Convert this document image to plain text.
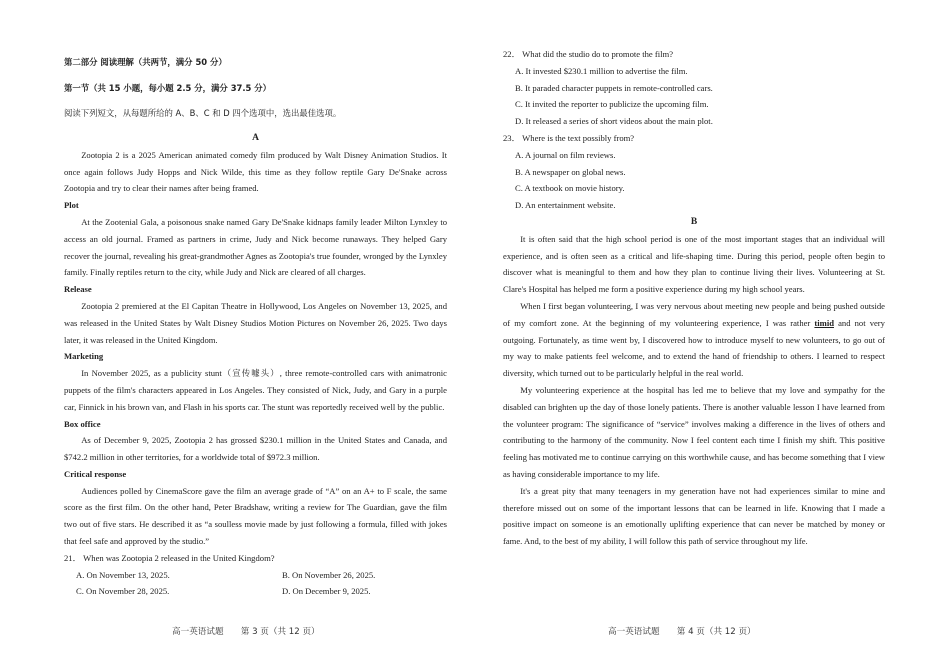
第二部分 阅读理解（共两节，满分 50 分）

第一节（共 15 小题，每小题 2.5 分，满分 37.5 分）

阅读下列短文，从每题所给的 A、B、C 和 D 四个选项中，选出最佳选项。

A

Zootopia 2 is a 2025 American animated comedy film produced by Walt Disney Animation Studios. It once again follows Judy Hopps and Nick Wilde, this time as they follow reptile Gary De'Snake across Zootopia and try to clear their names after being framed.

Plot

At the Zootenial Gala, a poisonous snake named Gary De'Snake kidnaps family leader Milton Lynxley to access an old journal. Framed as partners in crime, Judy and Nick become runaways. They helped Gary recover the journal, revealing his great-grandmother Agnes as Zootopia's true founder, wronged by the Lynxley family. Finally reptiles return to the city, while Judy and Nick are cleared of all charges.

Release

Zootopia 2 premiered at the El Capitan Theatre in Hollywood, Los Angeles on November 13, 2025, and was released in the United States by Walt Disney Studios Motion Pictures on November 26, 2025. Two days later, it was released in the United Kingdom.

Marketing

In November 2025, as a publicity stunt（宣传噱头）, three remote-controlled cars with animatronic puppets of the film's characters appeared in Los Angeles. They consisted of Nick, Judy, and Gary in a purple car, Finnick in his brown van, and Flash in his sports car. The stunt was reportedly received well by the public.

Box office

As of December 9, 2025, Zootopia 2 has grossed $230.1 million in the United States and Canada, and $742.2 million in other territories, for a worldwide total of $972.3 million.

Critical response

Audiences polled by CinemaScore gave the film an average grade of “A” on an A+ to F scale, the same score as the first film. On the other hand, Peter Bradshaw, writing a review for The Guardian, gave the film two out of five stars. He described it as “a soulless movie made by just following a formula, filled with jokes that feel safe and approved by the studio.”

21． When was Zootopia 2 released in the United Kingdom?

A. On November 13, 2025.	B. On November 26, 2025.
C. On November 28, 2025.	D. On December 9, 2025.

22． What did the studio do to promote the film?

A. It invested $230.1 million to advertise the film.

B. It paraded character puppets in remote-controlled cars.

C. It invited the reporter to publicize the upcoming film.

D. It released a series of short videos about the main plot.

23． Where is the text possibly from?

A. A journal on film reviews.

B. A newspaper on global news.

C. A textbook on movie history.

D. An entertainment website.

B

It is often said that the high school period is one of the most important stages that an individual will experience, and is often seen as a critical and life-shaping time. During this period, people often begin to discover what is meaningful to them and how they plan to continue living their lives. Volunteering at St. Clare's Hospital has helped me form a positive experience during my high school years.

When I first began volunteering, I was very nervous about meeting new people and being pushed outside of my comfort zone. At the beginning of my volunteering experience, I was rather timid and not very outgoing. Fortunately, as time went by, I discovered how to introduce myself to new volunteers, to go out of my way to make patients feel welcome, and to extend the hand of friendship to others. I learned to respect diversity, which turned out to be particularly helpful in the real world.

My volunteering experience at the hospital has led me to believe that my love and sympathy for the disabled can brighten up the day of those lonely patients. There is another valuable lesson I have learned from the volunteer program: The significance of “service” involves making a difference in the lives of others and contributing to the harmony of the community. Now I feel content each time I finish my shift. This positive feeling has motivated me to continue carrying on this worthwhile cause, and has become something that I view as having considerable importance to my life.

It's a great pity that many teenagers in my generation have not had experiences similar to mine and therefore missed out on some of the important lessons that can be learned in life. Knowing that I made a positive impact on someone is an emotionally uplifting experience that can never be matched by money or fame. And, to the best of my ability, I will follow this path of service throughout my life.

高一英语试题　　第 3 页（共 12 页）	高一英语试题　　第 4 页（共 12 页）
